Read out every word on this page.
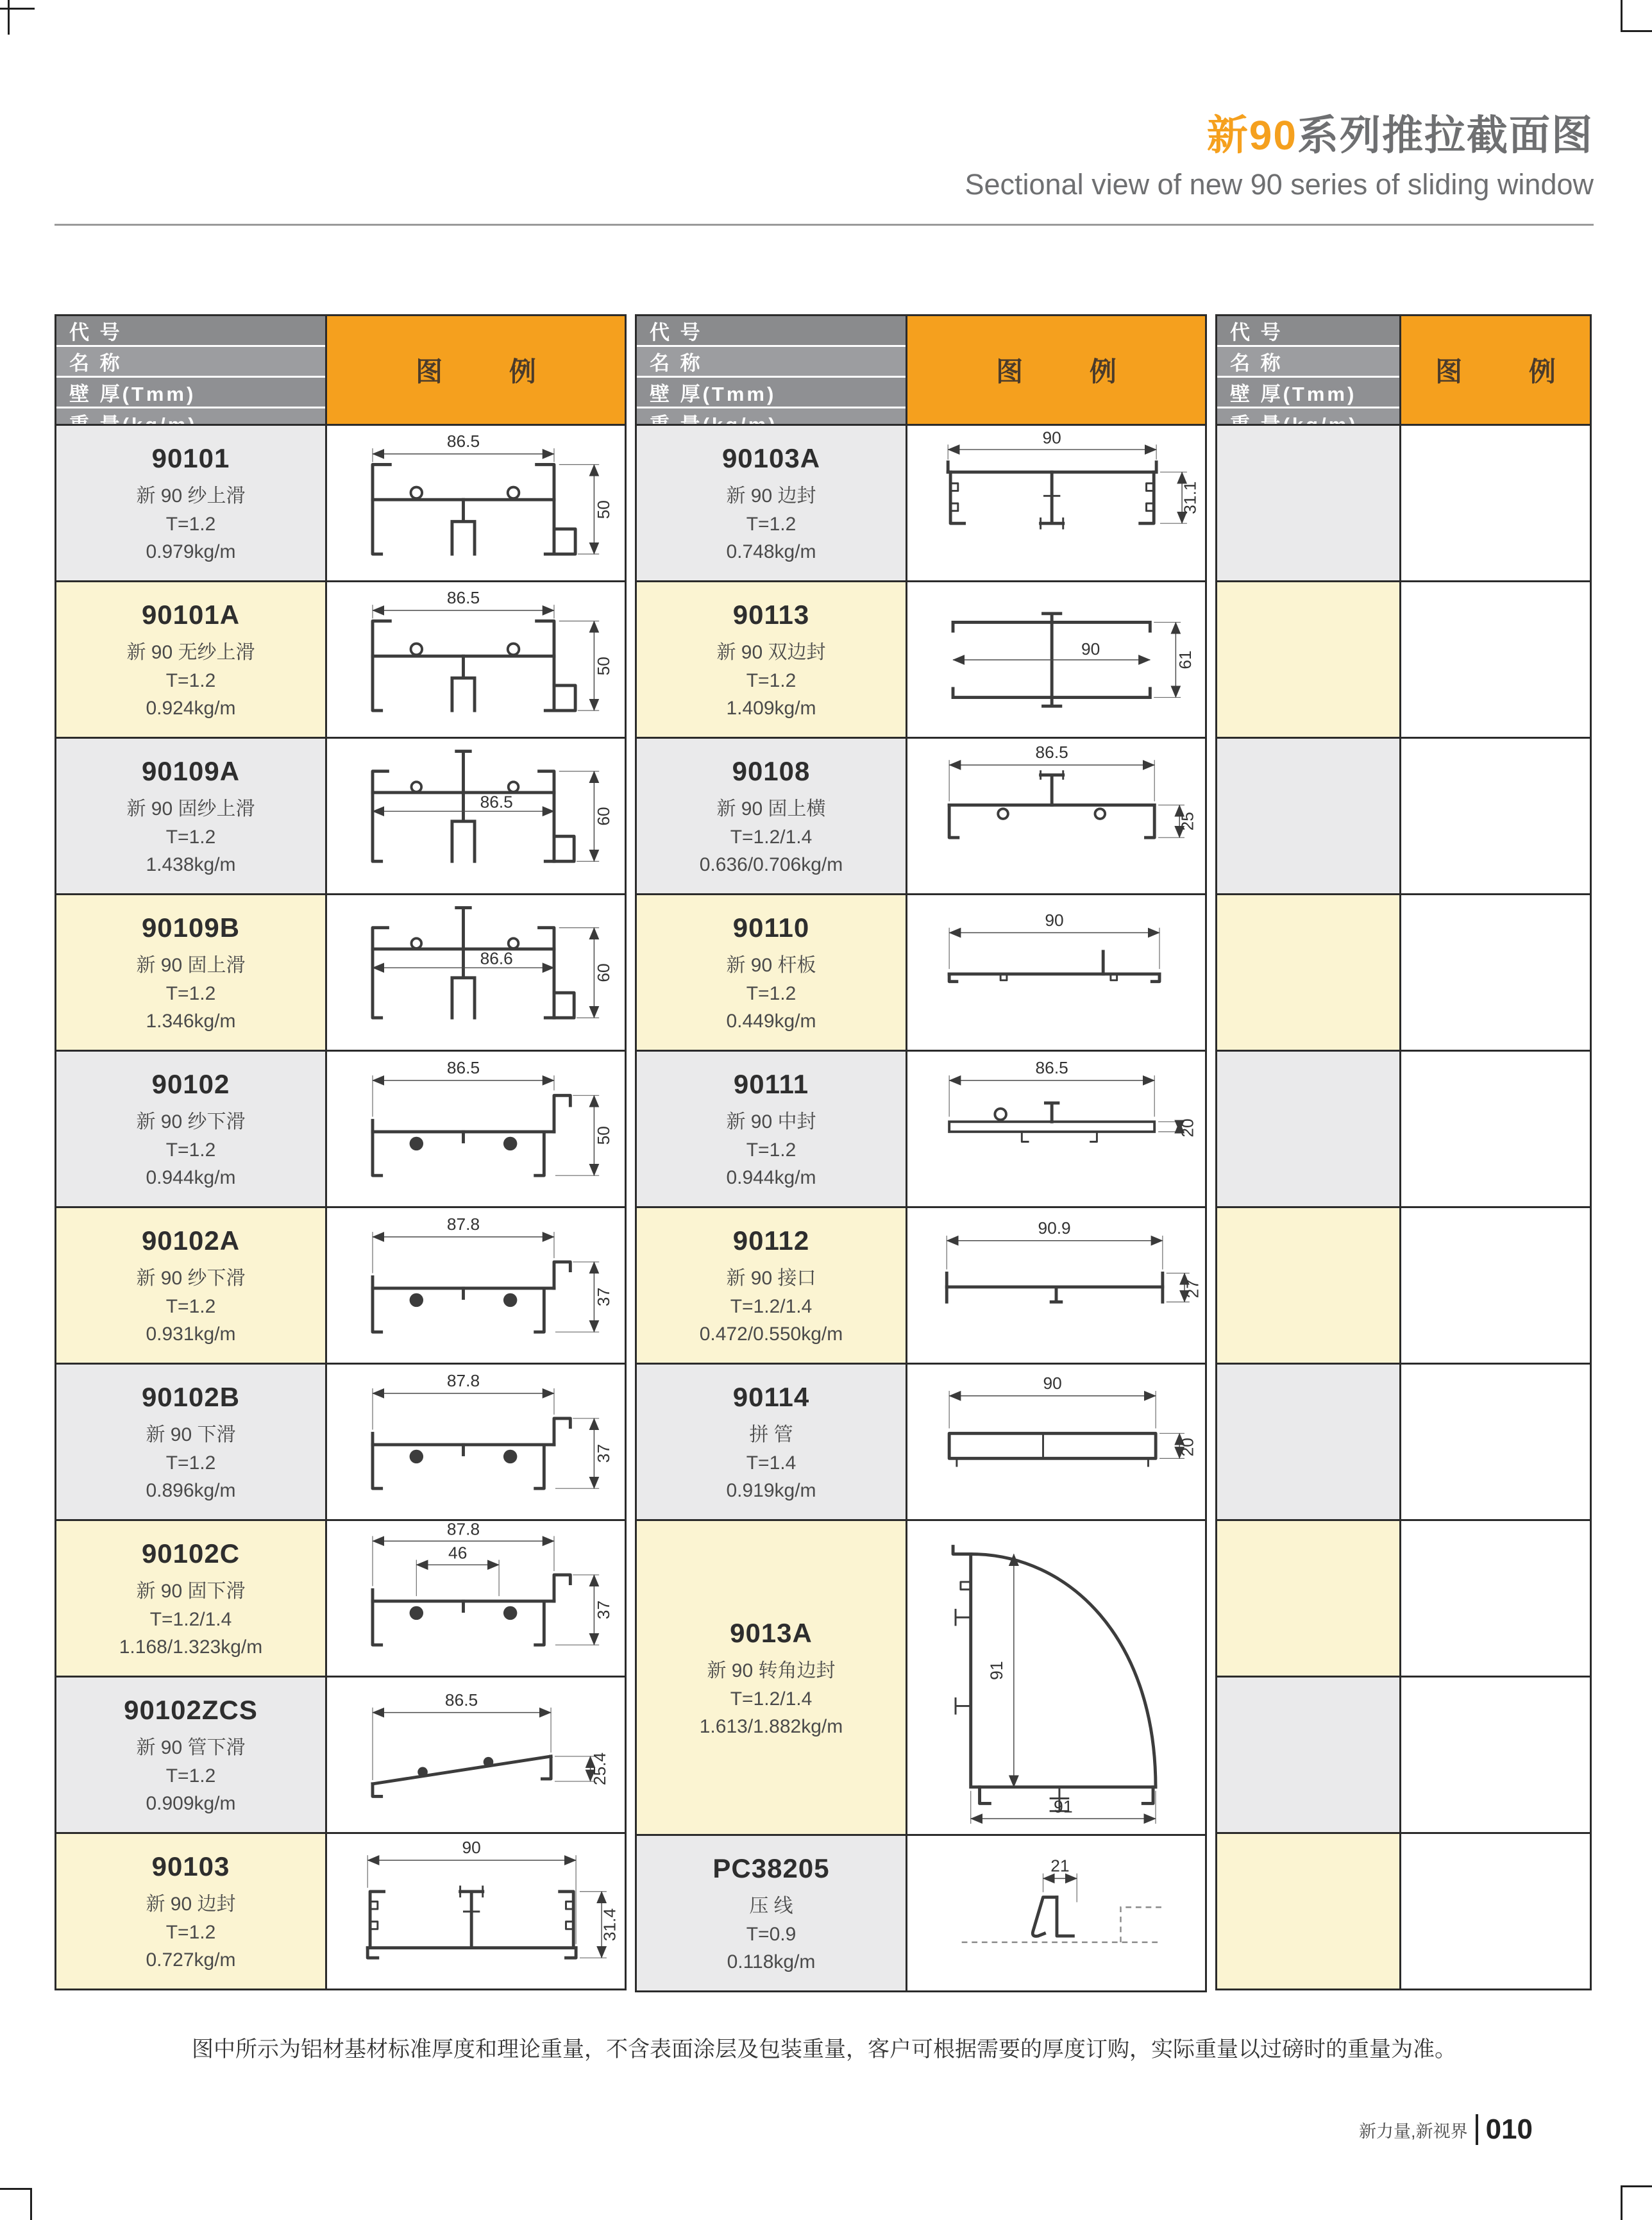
新90系列推拉截面图
Sectional view of new 90 series of sliding window
代 号
名 称
壁 厚(Tmm)
图 例
90101
新 90 纱上滑
T=1.2
0.979kg/m
86.5
50
90101A
新 90 无纱上滑
T=1.2
0.924kg/m
86.5
50
90109A
新 90 固纱上滑
T=1.2
1.438kg/m
86.5
60
90109B
新 90 固上滑
T=1.2
1.346kg/m
86.6
60
90102
新 90 纱下滑
T=1.2
0.944kg/m
86.5
50
90102A
新 90 纱下滑
T=1.2
0.931kg/m
87.8
37
90102B
新 90 下滑
T=1.2
0.896kg/m
87.8
37
90102C
新 90 固下滑
T=1.2/1.4
1.168/1.323kg/m
87.8
46
37
90102ZCS
新 90 管下滑
T=1.2
0.909kg/m
86.5
25.4
90103
新 90 边封
T=1.2
0.727kg/m
90
31.4
代 号
名 称
壁 厚(Tmm)
图 例
90103A
新 90 边封
T=1.2
0.748kg/m
90
31.1
90113
新 90 双边封
T=1.2
1.409kg/m
90
61
90108
新 90 固上横
T=1.2/1.4
0.636/0.706kg/m
86.5
25
90110
新 90 杆板
T=1.2
0.449kg/m
90
90111
新 90 中封
T=1.2
0.944kg/m
86.5
20
90112
新 90 接口
T=1.2/1.4
0.472/0.550kg/m
90.9
27
90114
拼 管
T=1.4
0.919kg/m
90
20
9013A
新 90 转角边封
T=1.2/1.4
1.613/1.882kg/m
91
91
PC38205
压 线
T=0.9
0.118kg/m
21
代 号
名 称
壁 厚(Tmm)
图 例
图中所示为铝材基材标准厚度和理论重量，不含表面涂层及包装重量，客户可根据需要的厚度订购，实际重量以过磅时的重量为准。
新力量,新视界 010
